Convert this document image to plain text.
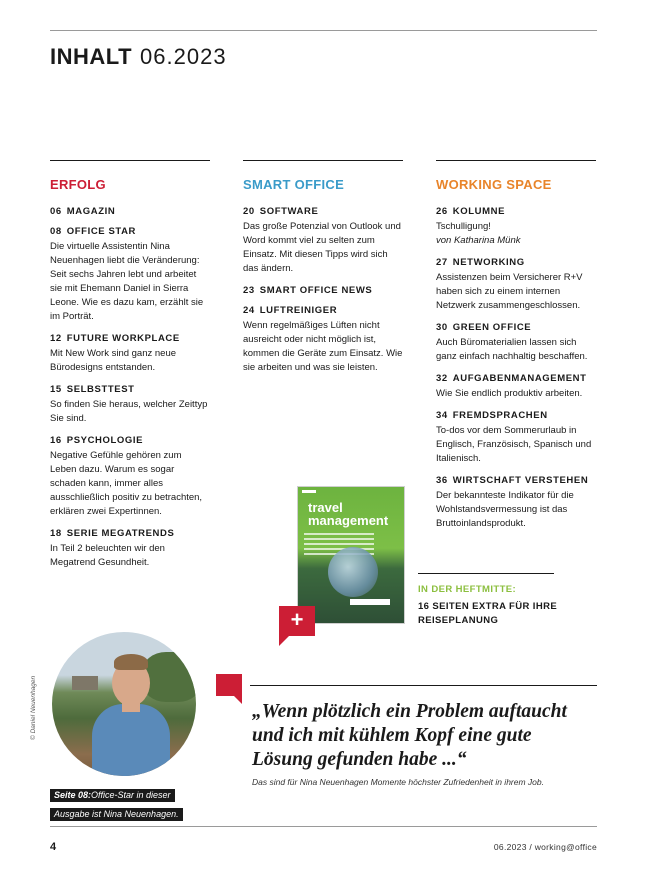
INHALT 06.2023
ERFOLG
06 MAGAZIN
08 OFFICE STAR
Die virtuelle Assistentin Nina Neuenhagen liebt die Veränderung: Seit sechs Jahren lebt und arbeitet sie mit Ehemann Daniel in Sierra Leone. Wie es dazu kam, erzählt sie im Porträt.
12 FUTURE WORKPLACE
Mit New Work sind ganz neue Bürodesigns entstanden.
15 SELBSTTEST
So finden Sie heraus, welcher Zeittyp Sie sind.
16 PSYCHOLOGIE
Negative Gefühle gehören zum Leben dazu. Warum es sogar schaden kann, immer alles ausschließlich positiv zu betrachten, erklären zwei Expertinnen.
18 SERIE MEGATRENDS
In Teil 2 beleuchten wir den Megatrend Gesundheit.
SMART OFFICE
20 SOFTWARE
Das große Potenzial von Outlook und Word kommt viel zu selten zum Einsatz. Mit diesen Tipps wird sich das ändern.
23 SMART OFFICE NEWS
24 LUFTREINIGER
Wenn regelmäßiges Lüften nicht ausreicht oder nicht möglich ist, kommen die Geräte zum Einsatz. Wie sie arbeiten und was sie leisten.
WORKING SPACE
26 KOLUMNE
Tschulligung!
von Katharina Münk
27 NETWORKING
Assistenzen beim Versicherer R+V haben sich zu einem internen Netzwerk zusammengeschlossen.
30 GREEN OFFICE
Auch Büromaterialien lassen sich ganz einfach nachhaltig beschaffen.
32 AUFGABENMANAGEMENT
Wie Sie endlich produktiv arbeiten.
34 FREMDSPRACHEN
To-dos vor dem Sommerurlaub in Englisch, Französisch, Spanisch und Italienisch.
36 WIRTSCHAFT VERSTEHEN
Der bekannteste Indikator für die Wohlstandsvermessung ist das Bruttoinlandsprodukt.
travel
management
+
IN DER HEFTMITTE:
16 SEITEN EXTRA FÜR IHRE REISEPLANUNG
© Daniel Neuenhagen
Seite 08:Office-Star in dieser
Ausgabe ist Nina Neuenhagen.
„Wenn plötzlich ein Problem auftaucht und ich mit kühlem Kopf eine gute Lösung gefunden habe ...“
Das sind für Nina Neuenhagen Momente höchster Zufriedenheit in ihrem Job.
4	06.2023 / working@office
